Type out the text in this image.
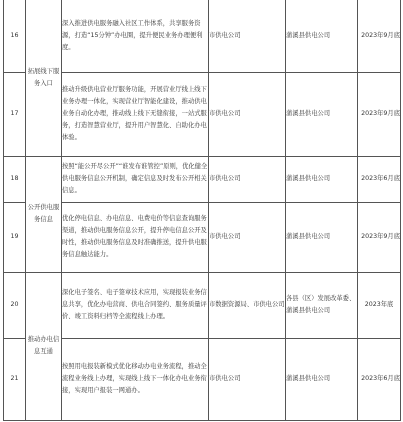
16	拓展线下服务入口	深入推进供电服务融入社区工作体系，共享服务资源，打造“15分钟”办电圈，提升便民业务办理便利度。	市供电公司	蒲溪县供电公司	2023年9月底
17		推动升级供电营业厅服务功能，开展营业厅线上线下业务办理一体化，实现营业厅智能化建设，推动供电业务自动化办理，推动线上线下无缝衔接，一站式服务，打造智慧营业厅，提升用户智慧化、自助化办电体验。	市供电公司	蒲溪县供电公司	2023年9月底
18	公开供电服务信息	按照“能公开尽公开”“谁发布谁管控”原则，优化健全供电服务信息公开机制，确定信息及时发布公开相关信息。	市供电公司	蒲溪县供电公司	2023年6月底
19		优化停电信息、办电信息、电费电价等信息查询服务渠道，推动供电服务信息公开，提升停电信息公开及时性，推动供电服务信息及时准确推送，提升供电服务信息触达能力。	市供电公司	蒲溪县供电公司	2023年9月底
20	推动办电信息互通	深化电子签名、电子签章技术应用，实现报装业务信息共享，优化办电营商、供电合同签约、服务质量评价、竣工资料归档等全流程线上办理。	市数据资源局、市供电公司	各县（区）发展改革委、蒲溪县供电公司	2023年底
21		按照用电报装新模式优化移动办电业务流程，推动全流程业务线上办理，实现线上线下一体化办电业务衔接，实现用户报装一网通办。	市供电公司	蒲溪县供电公司	2023年6月底
